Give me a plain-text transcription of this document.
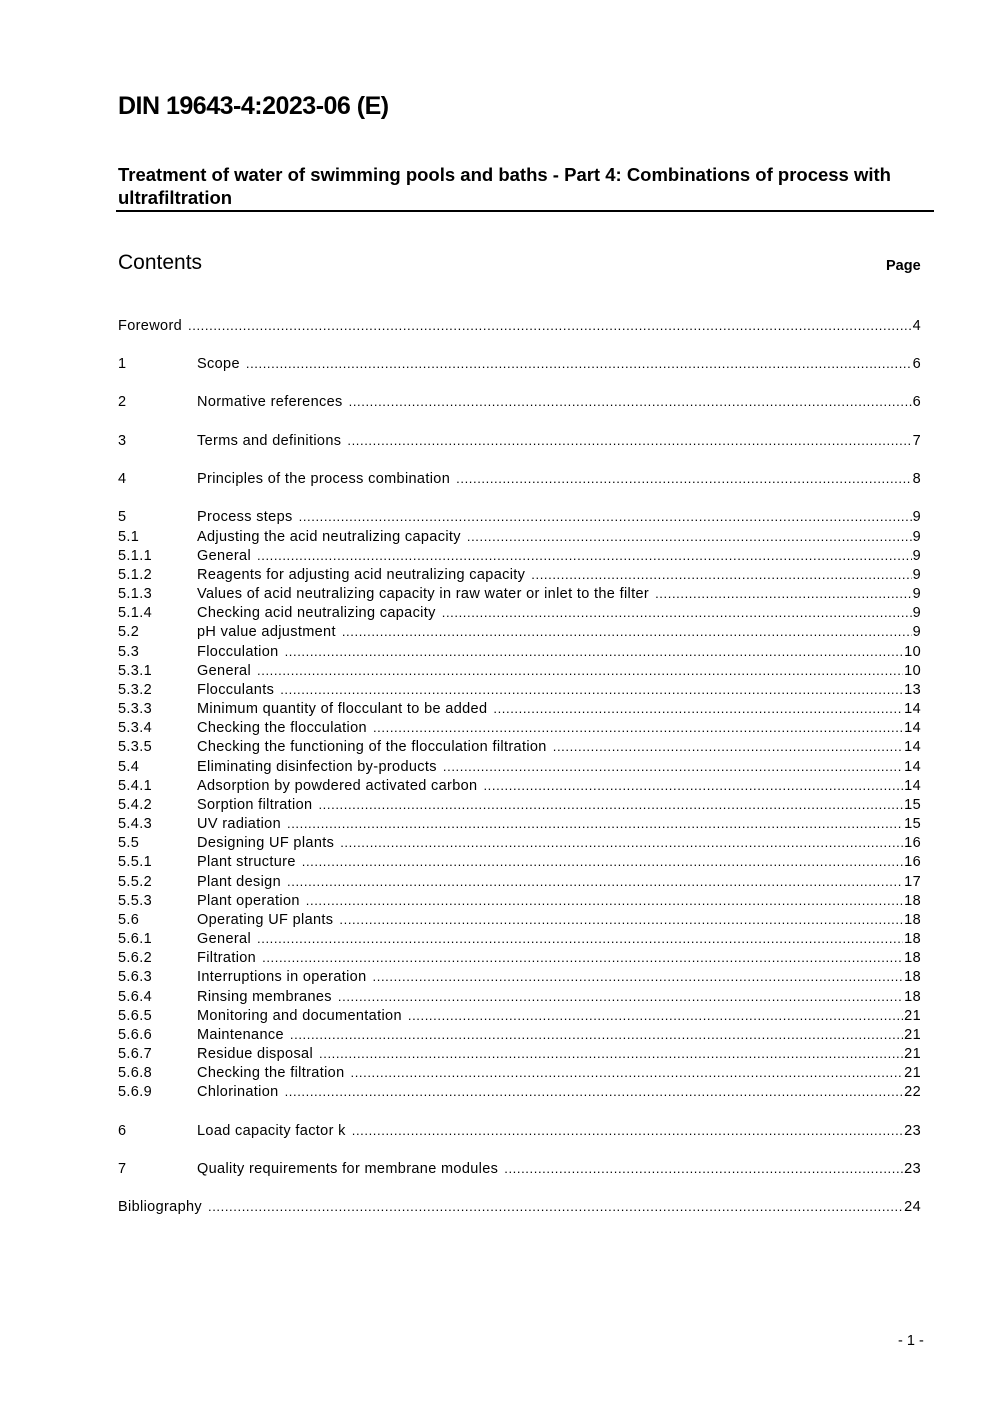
DIN 19643-4:2023-06 (E)
Treatment of water of swimming pools and baths - Part 4: Combinations of process with ultrafiltration
Contents	Page
Foreword .....	4
1	Scope .....	6
2	Normative references .....	6
3	Terms and definitions .....	7
4	Principles of the process combination .....	8
5	Process steps .....	9
5.1	Adjusting the acid neutralizing capacity .....	9
5.1.1	General .....	9
5.1.2	Reagents for adjusting acid neutralizing capacity .....	9
5.1.3	Values of acid neutralizing capacity in raw water or inlet to the filter .....	9
5.1.4	Checking acid neutralizing capacity .....	9
5.2	pH value adjustment .....	9
5.3	Flocculation .....	10
5.3.1	General .....	10
5.3.2	Flocculants .....	13
5.3.3	Minimum quantity of flocculant to be added .....	14
5.3.4	Checking the flocculation .....	14
5.3.5	Checking the functioning of the flocculation filtration .....	14
5.4	Eliminating disinfection by-products .....	14
5.4.1	Adsorption by powdered activated carbon .....	14
5.4.2	Sorption filtration .....	15
5.4.3	UV radiation .....	15
5.5	Designing UF plants .....	16
5.5.1	Plant structure .....	16
5.5.2	Plant design .....	17
5.5.3	Plant operation .....	18
5.6	Operating UF plants .....	18
5.6.1	General .....	18
5.6.2	Filtration .....	18
5.6.3	Interruptions in operation .....	18
5.6.4	Rinsing membranes .....	18
5.6.5	Monitoring and documentation .....	21
5.6.6	Maintenance .....	21
5.6.7	Residue disposal .....	21
5.6.8	Checking the filtration .....	21
5.6.9	Chlorination .....	22
6	Load capacity factor k .....	23
7	Quality requirements for membrane modules .....	23
Bibliography .....	24
- 1 -
